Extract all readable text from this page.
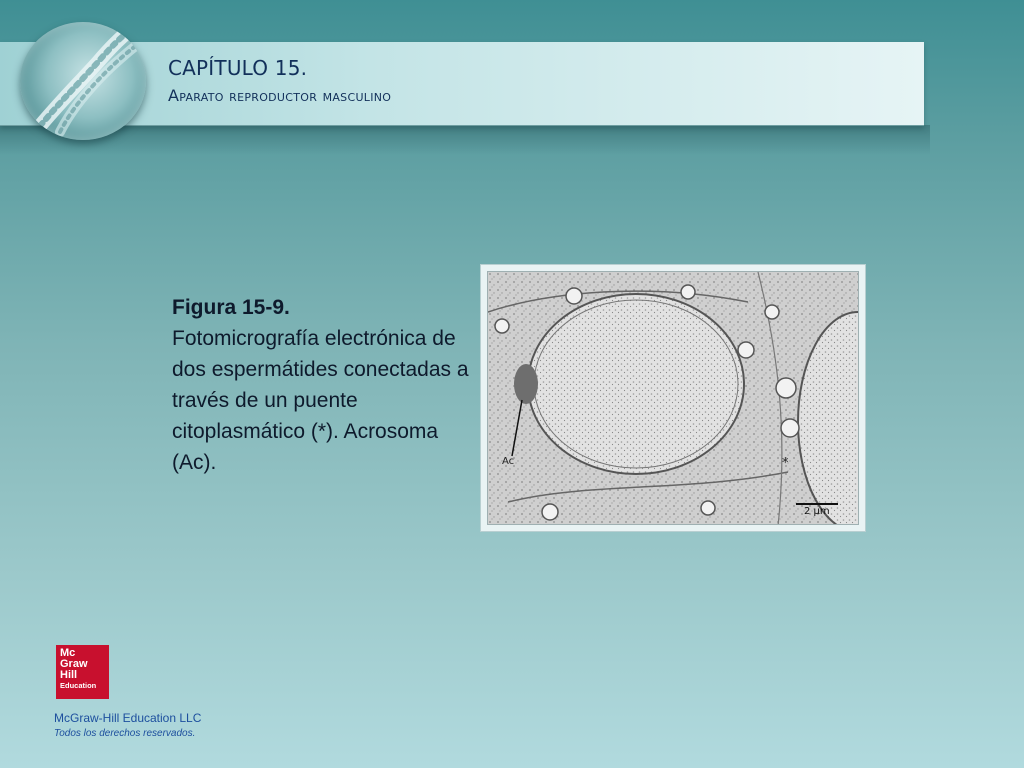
CAPÍTULO 15.
Aparato reproductor masculino
Figura 15-9.
Fotomicrografía electrónica de dos espermátides conectadas a través de un puente citoplasmático (*). Acrosoma (Ac).	Ac	*
2 µm
Mc
Graw
Hill
Education
McGraw-Hill Education LLC
Todos los derechos reservados.
